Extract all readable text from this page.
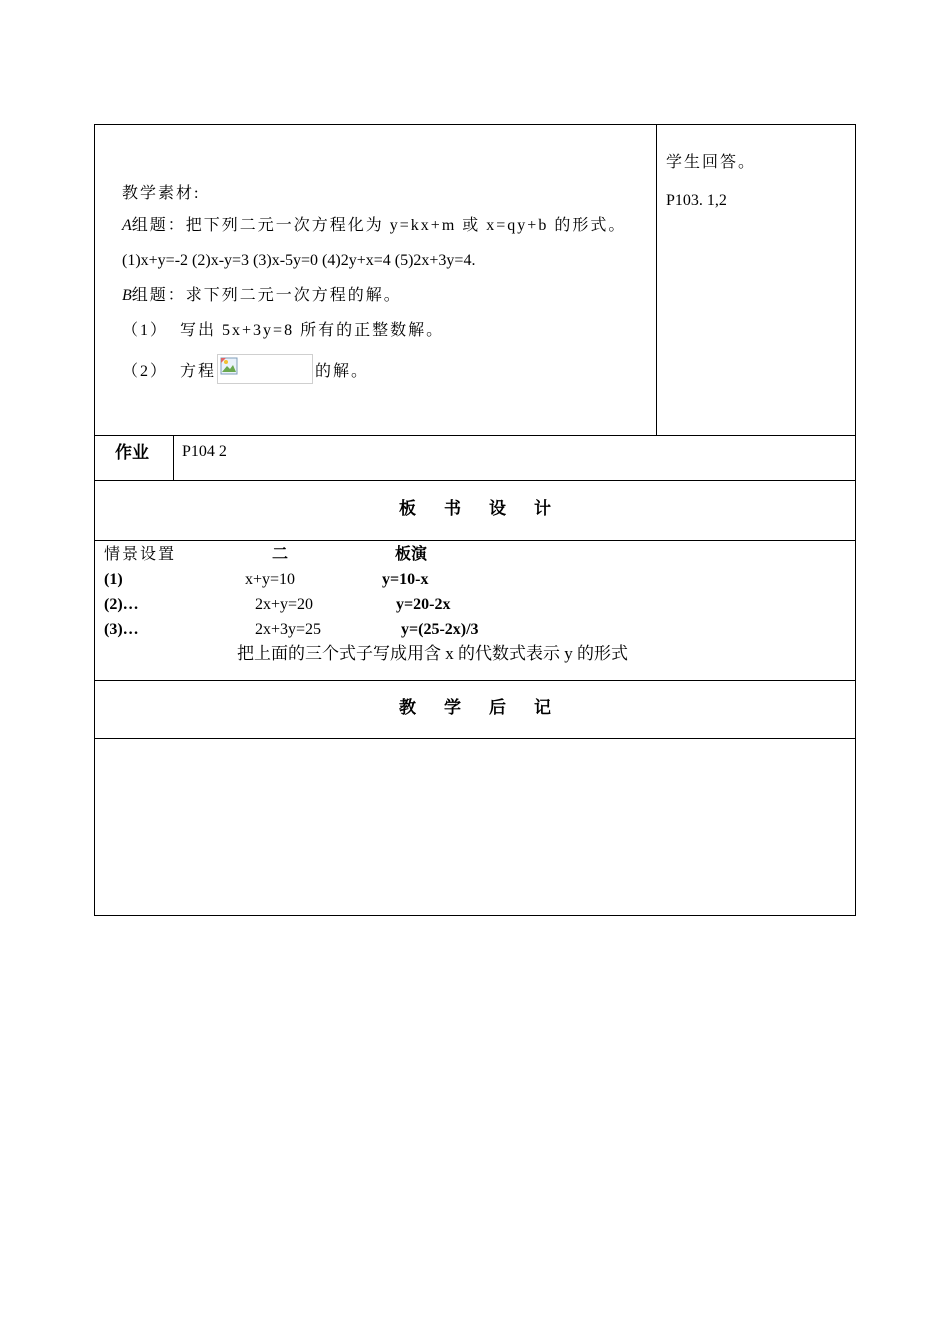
教学素材:
A组题：把下列二元一次方程化为 y=kx+m 或 x=qy+b 的形式。
(1)x+y=-2 (2)x-y=3 (3)x-5y=0 (4)2y+x=4 (5)2x+3y=4.
B组题：求下列二元一次方程的解。
（1） 写出 5x+3y=8 所有的正整数解。
（2） 方程	的解。
学生回答。
P103. 1,2
作业 P104 2
板 书 设 计
情景设置	二	板演
(1)	x+y=10	y=10-x
(2)…	2x+y=20	y=20-2x
(3)…	2x+3y=25	y=(25-2x)/3
把上面的三个式子写成用含 x 的代数式表示 y 的形式
教 学 后 记
